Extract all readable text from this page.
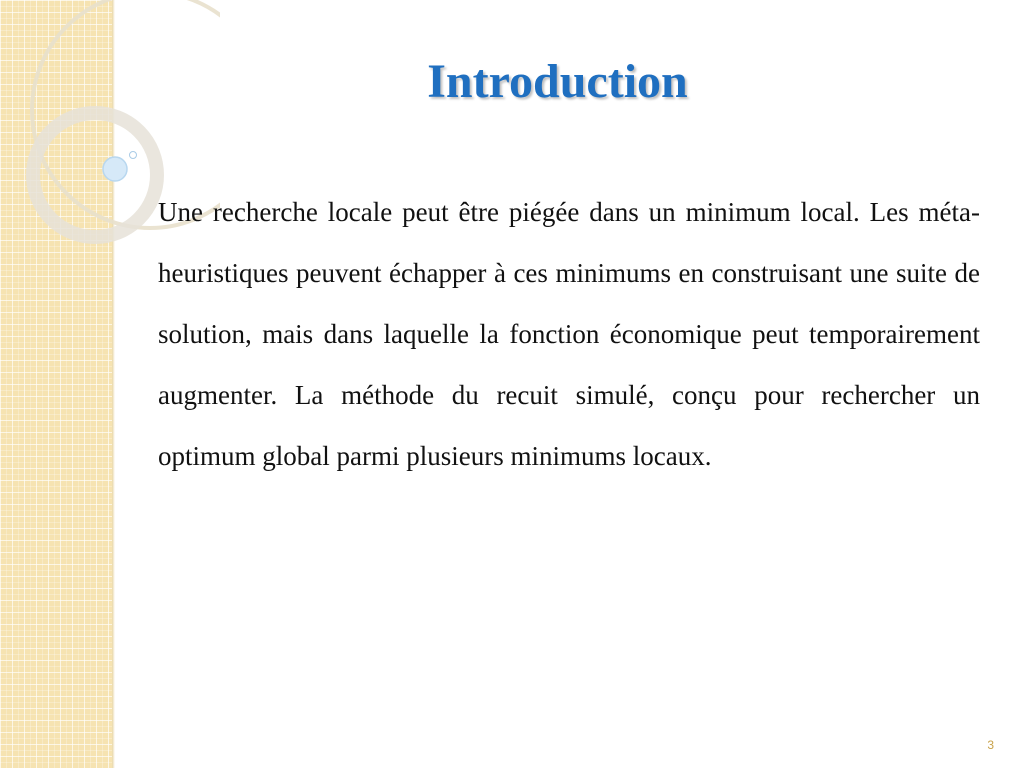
Introduction

Une recherche locale peut être piégée dans un minimum local. Les méta-heuristiques peuvent échapper à ces minimums en construisant une suite de solution, mais dans laquelle la fonction économique peut temporairement augmenter. La méthode du recuit simulé, conçu pour rechercher un optimum global parmi plusieurs minimums locaux.

3
